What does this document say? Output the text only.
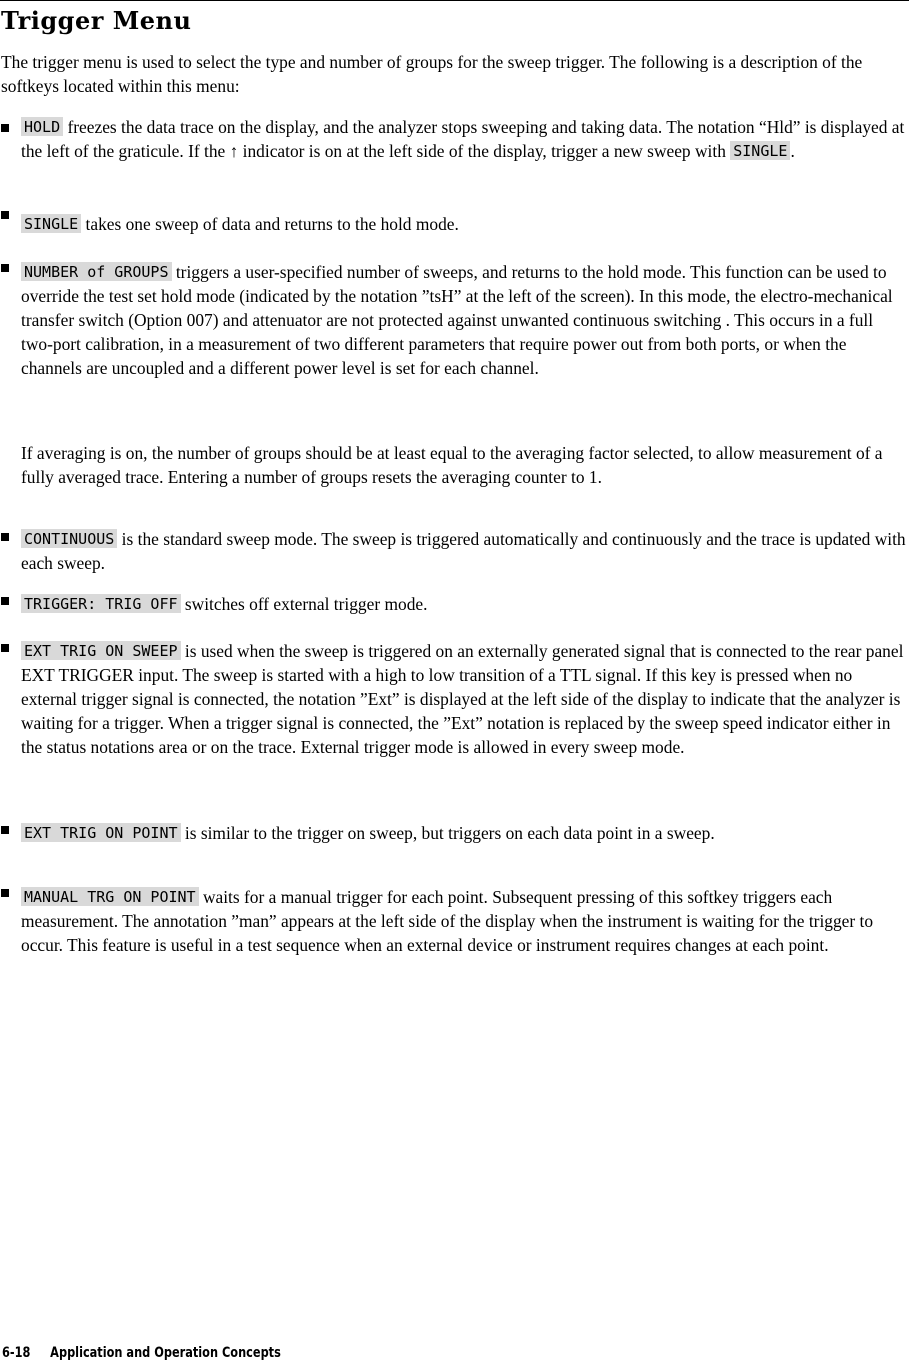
Trigger Menu

The trigger menu is used to select the type and number of groups for the sweep trigger. The following is a description of the softkeys located within this menu:

HOLD freezes the data trace on the display, and the analyzer stops sweeping and taking data. The notation “Hld” is displayed at the left of the graticule. If the ↑ indicator is on at the left side of the display, trigger a new sweep with SINGLE .
SINGLE takes one sweep of data and returns to the hold mode.
NUMBER of GROUPS triggers a user-specified number of sweeps, and returns to the hold mode. This function can be used to override the test set hold mode (indicated by the notation ”tsH” at the left of the screen). In this mode, the electro-mechanical transfer switch (Option 007) and attenuator are not protected against unwanted continuous switching . This occurs in a full two-port calibration, in a measurement of two different parameters that require power out from both ports, or when the channels are uncoupled and a different power level is set for each channel.

If averaging is on, the number of groups should be at least equal to the averaging factor selected, to allow measurement of a fully averaged trace. Entering a number of groups resets the averaging counter to 1.

CONTINUOUS is the standard sweep mode. The sweep is triggered automatically and continuously and the trace is updated with each sweep.
TRIGGER: TRIG OFF switches off external trigger mode.
EXT TRIG ON SWEEP is used when the sweep is triggered on an externally generated signal that is connected to the rear panel EXT TRIGGER input. The sweep is started with a high to low transition of a TTL signal. If this key is pressed when no external trigger signal is connected, the notation ”Ext” is displayed at the left side of the display to indicate that the analyzer is waiting for a trigger. When a trigger signal is connected, the ”Ext” notation is replaced by the sweep speed indicator either in the status notations area or on the trace. External trigger mode is allowed in every sweep mode.
EXT TRIG ON POINT is similar to the trigger on sweep, but triggers on each data point in a sweep.
MANUAL TRG ON POINT waits for a manual trigger for each point. Subsequent pressing of this softkey triggers each measurement. The annotation ”man” appears at the left side of the display when the instrument is waiting for the trigger to occur. This feature is useful in a test sequence when an external device or instrument requires changes at each point.
6-18 Application and Operation Concepts
